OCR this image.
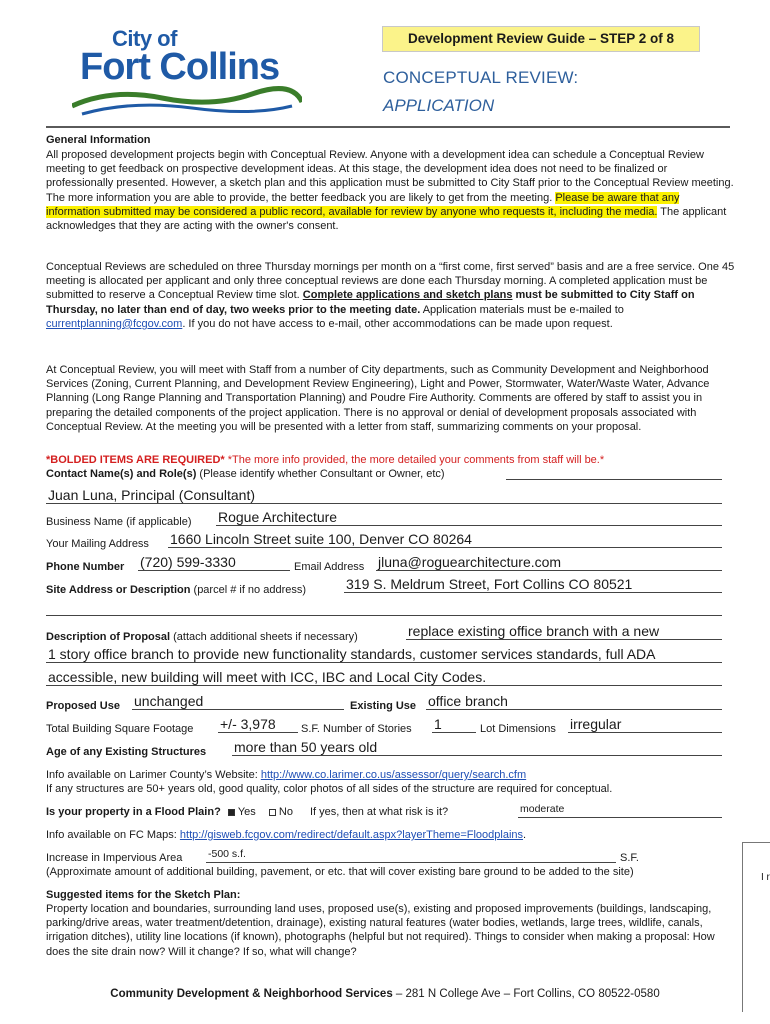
City of
Fort Collins
Development Review Guide – STEP 2 of 8
CONCEPTUAL REVIEW:
APPLICATION
General Information
All proposed development projects begin with Conceptual Review. Anyone with a development idea can schedule a Conceptual Review meeting to get feedback on prospective development ideas. At this stage, the development idea does not need to be finalized or professionally presented. However, a sketch plan and this application must be submitted to City Staff prior to the Conceptual Review meeting. The more information you are able to provide, the better feedback you are likely to get from the meeting. Please be aware that any information submitted may be considered a public record, available for review by anyone who requests it, including the media. The applicant acknowledges that they are acting with the owner's consent.
Conceptual Reviews are scheduled on three Thursday mornings per month on a “first come, first served” basis and are a free service. One 45 meeting is allocated per applicant and only three conceptual reviews are done each Thursday morning. A completed application must be submitted to reserve a Conceptual Review time slot. Complete applications and sketch plans must be submitted to City Staff on Thursday, no later than end of day, two weeks prior to the meeting date. Application materials must be e-mailed to currentplanning@fcgov.com. If you do not have access to e-mail, other accommodations can be made upon request.
At Conceptual Review, you will meet with Staff from a number of City departments, such as Community Development and Neighborhood Services (Zoning, Current Planning, and Development Review Engineering), Light and Power, Stormwater, Water/Waste Water, Advance Planning (Long Range Planning and Transportation Planning) and Poudre Fire Authority. Comments are offered by staff to assist you in preparing the detailed components of the project application. There is no approval or denial of development proposals associated with Conceptual Review. At the meeting you will be presented with a letter from staff, summarizing comments on your proposal.
*BOLDED ITEMS ARE REQUIRED* *The more info provided, the more detailed your comments from staff will be.*
Contact Name(s) and Role(s) (Please identify whether Consultant or Owner, etc)
Juan Luna, Principal (Consultant)
Business Name (if applicable) Rogue Architecture
Your Mailing Address 1660 Lincoln Street suite 100, Denver CO 80264
Phone Number (720) 599-3330	Email Address jluna@roguearchitecture.com
Site Address or Description (parcel # if no address)	319 S. Meldrum Street, Fort Collins CO 80521
Description of Proposal (attach additional sheets if necessary)	replace existing office branch with a new
1 story office branch to provide new functionality standards, customer services standards, full ADA
accessible, new building will meet with ICC, IBC and Local City Codes.
Proposed Use unchanged	Existing Use office branch
Total Building Square Footage +/- 3,978	S.F. Number of Stories 1	Lot Dimensions irregular
Age of any Existing Structures more than 50 years old
Info available on Larimer County’s Website: http://www.co.larimer.co.us/assessor/query/search.cfm
If any structures are 50+ years old, good quality, color photos of all sides of the structure are required for conceptual.
Is your property in a Flood Plain? Yes No If yes, then at what risk is it?	moderate
Info available on FC Maps: http://gisweb.fcgov.com/redirect/default.aspx?layerTheme=Floodplains.
Increase in Impervious Area -500 s.f.	S.F.
(Approximate amount of additional building, pavement, or etc. that will cover existing bare ground to be added to the site)
Suggested items for the Sketch Plan:
Property location and boundaries, surrounding land uses, proposed use(s), existing and proposed improvements (buildings, landscaping, parking/drive areas, water treatment/detention, drainage), existing natural features (water bodies, wetlands, large trees, wildlife, canals, irrigation ditches), utility line locations (if known), photographs (helpful but not required). Things to consider when making a proposal: How does the site drain now? Will it change? If so, what will change?
Community Development & Neighborhood Services – 281 N College Ave – Fort Collins, CO 80522-0580
I r
